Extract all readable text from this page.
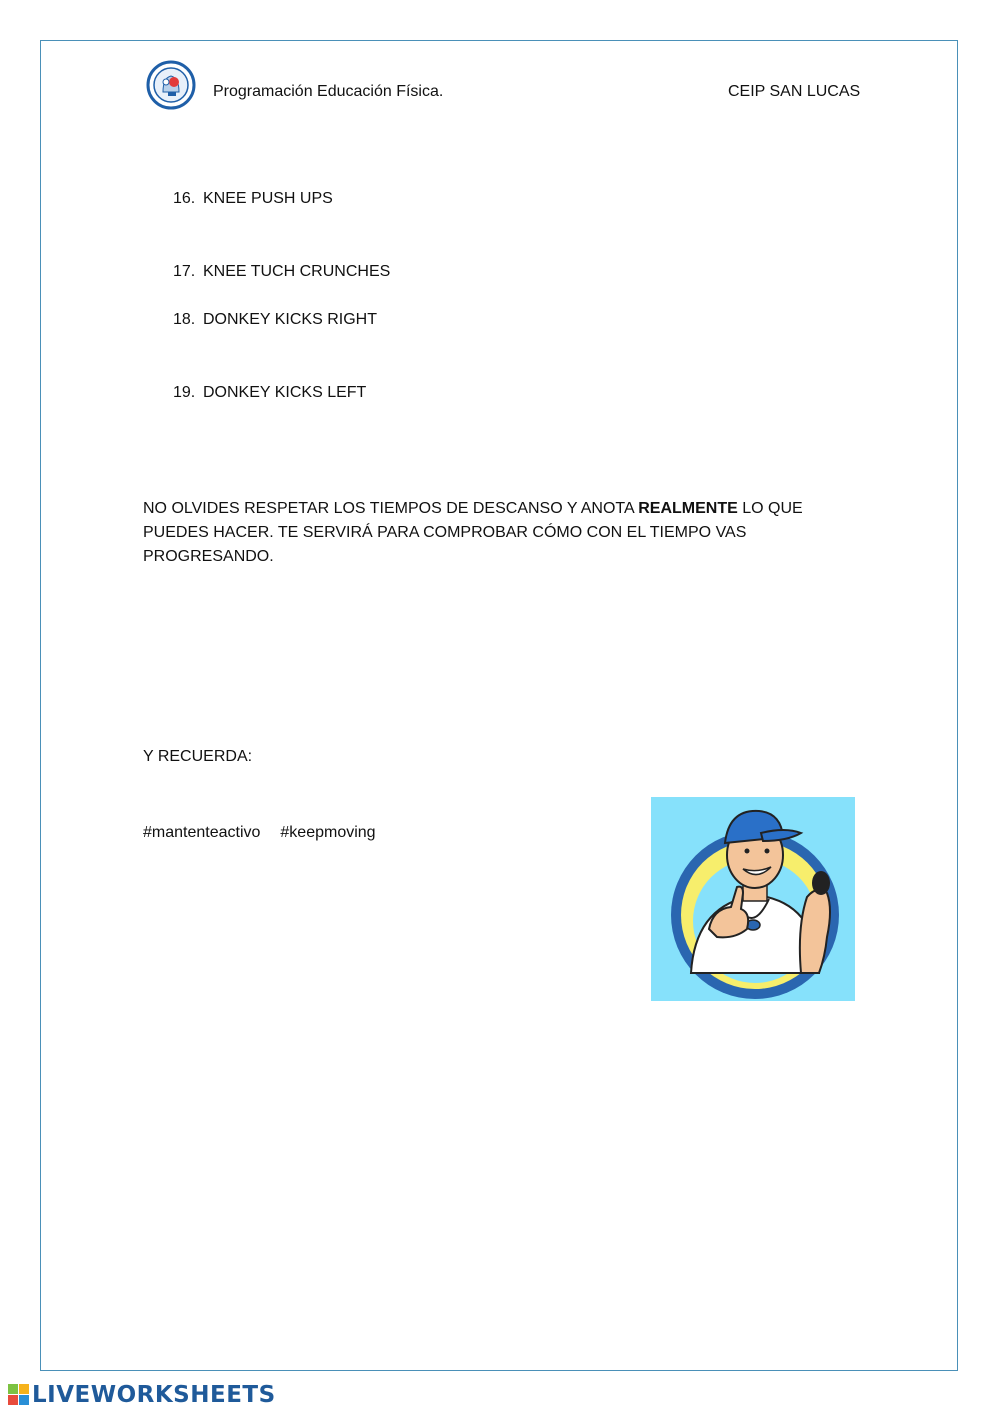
Programación Educación Física.	CEIP SAN LUCAS
16. KNEE PUSH UPS
17. KNEE TUCH CRUNCHES
18. DONKEY KICKS RIGHT
19. DONKEY KICKS LEFT
NO OLVIDES RESPETAR LOS TIEMPOS DE DESCANSO Y ANOTA REALMENTE LO QUE PUEDES HACER. TE SERVIRÁ PARA COMPROBAR CÓMO CON EL TIEMPO VAS PROGRESANDO.
Y RECUERDA:
#mantenteactivo #keepmoving
LIVEWORKSHEETS
